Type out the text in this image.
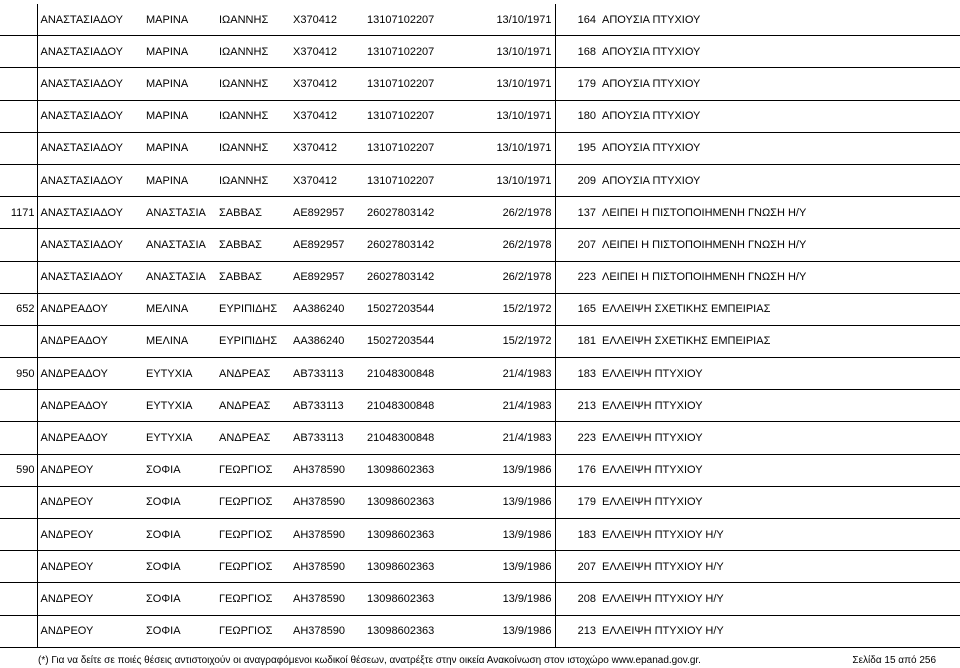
	ΑΝΑΣΤΑΣΙΑΔΟΥ	ΜΑΡΙΝΑ	ΙΩΑΝΝΗΣ	Χ370412	13107102207	13/10/1971	164	ΑΠΟΥΣΙΑ ΠΤΥΧΙΟΥ
	ΑΝΑΣΤΑΣΙΑΔΟΥ	ΜΑΡΙΝΑ	ΙΩΑΝΝΗΣ	Χ370412	13107102207	13/10/1971	168	ΑΠΟΥΣΙΑ ΠΤΥΧΙΟΥ
	ΑΝΑΣΤΑΣΙΑΔΟΥ	ΜΑΡΙΝΑ	ΙΩΑΝΝΗΣ	Χ370412	13107102207	13/10/1971	179	ΑΠΟΥΣΙΑ ΠΤΥΧΙΟΥ
	ΑΝΑΣΤΑΣΙΑΔΟΥ	ΜΑΡΙΝΑ	ΙΩΑΝΝΗΣ	Χ370412	13107102207	13/10/1971	180	ΑΠΟΥΣΙΑ ΠΤΥΧΙΟΥ
	ΑΝΑΣΤΑΣΙΑΔΟΥ	ΜΑΡΙΝΑ	ΙΩΑΝΝΗΣ	Χ370412	13107102207	13/10/1971	195	ΑΠΟΥΣΙΑ ΠΤΥΧΙΟΥ
	ΑΝΑΣΤΑΣΙΑΔΟΥ	ΜΑΡΙΝΑ	ΙΩΑΝΝΗΣ	Χ370412	13107102207	13/10/1971	209	ΑΠΟΥΣΙΑ ΠΤΥΧΙΟΥ
1171	ΑΝΑΣΤΑΣΙΑΔΟΥ	ΑΝΑΣΤΑΣΙΑ	ΣΑΒΒΑΣ	ΑΕ892957	26027803142	26/2/1978	137	ΛΕΙΠΕΙ Η ΠΙΣΤΟΠΟΙΗΜΕΝΗ ΓΝΩΣΗ Η/Υ
	ΑΝΑΣΤΑΣΙΑΔΟΥ	ΑΝΑΣΤΑΣΙΑ	ΣΑΒΒΑΣ	ΑΕ892957	26027803142	26/2/1978	207	ΛΕΙΠΕΙ Η ΠΙΣΤΟΠΟΙΗΜΕΝΗ ΓΝΩΣΗ Η/Υ
	ΑΝΑΣΤΑΣΙΑΔΟΥ	ΑΝΑΣΤΑΣΙΑ	ΣΑΒΒΑΣ	ΑΕ892957	26027803142	26/2/1978	223	ΛΕΙΠΕΙ Η ΠΙΣΤΟΠΟΙΗΜΕΝΗ ΓΝΩΣΗ Η/Υ
652	ΑΝΔΡΕΑΔΟΥ	ΜΕΛΙΝΑ	ΕΥΡΙΠΙΔΗΣ	ΑΑ386240	15027203544	15/2/1972	165	ΕΛΛΕΙΨΗ ΣΧΕΤΙΚΗΣ ΕΜΠΕΙΡΙΑΣ
	ΑΝΔΡΕΑΔΟΥ	ΜΕΛΙΝΑ	ΕΥΡΙΠΙΔΗΣ	ΑΑ386240	15027203544	15/2/1972	181	ΕΛΛΕΙΨΗ ΣΧΕΤΙΚΗΣ ΕΜΠΕΙΡΙΑΣ
950	ΑΝΔΡΕΑΔΟΥ	ΕΥΤΥΧΙΑ	ΑΝΔΡΕΑΣ	ΑΒ733113	21048300848	21/4/1983	183	ΕΛΛΕΙΨΗ ΠΤΥΧΙΟΥ
	ΑΝΔΡΕΑΔΟΥ	ΕΥΤΥΧΙΑ	ΑΝΔΡΕΑΣ	ΑΒ733113	21048300848	21/4/1983	213	ΕΛΛΕΙΨΗ ΠΤΥΧΙΟΥ
	ΑΝΔΡΕΑΔΟΥ	ΕΥΤΥΧΙΑ	ΑΝΔΡΕΑΣ	ΑΒ733113	21048300848	21/4/1983	223	ΕΛΛΕΙΨΗ ΠΤΥΧΙΟΥ
590	ΑΝΔΡΕΟΥ	ΣΟΦΙΑ	ΓΕΩΡΓΙΟΣ	ΑΗ378590	13098602363	13/9/1986	176	ΕΛΛΕΙΨΗ ΠΤΥΧΙΟΥ
	ΑΝΔΡΕΟΥ	ΣΟΦΙΑ	ΓΕΩΡΓΙΟΣ	ΑΗ378590	13098602363	13/9/1986	179	ΕΛΛΕΙΨΗ ΠΤΥΧΙΟΥ
	ΑΝΔΡΕΟΥ	ΣΟΦΙΑ	ΓΕΩΡΓΙΟΣ	ΑΗ378590	13098602363	13/9/1986	183	ΕΛΛΕΙΨΗ ΠΤΥΧΙΟΥ Η/Υ
	ΑΝΔΡΕΟΥ	ΣΟΦΙΑ	ΓΕΩΡΓΙΟΣ	ΑΗ378590	13098602363	13/9/1986	207	ΕΛΛΕΙΨΗ ΠΤΥΧΙΟΥ Η/Υ
	ΑΝΔΡΕΟΥ	ΣΟΦΙΑ	ΓΕΩΡΓΙΟΣ	ΑΗ378590	13098602363	13/9/1986	208	ΕΛΛΕΙΨΗ ΠΤΥΧΙΟΥ Η/Υ
	ΑΝΔΡΕΟΥ	ΣΟΦΙΑ	ΓΕΩΡΓΙΟΣ	ΑΗ378590	13098602363	13/9/1986	213	ΕΛΛΕΙΨΗ ΠΤΥΧΙΟΥ Η/Υ
(*) Για να δείτε σε ποιές θέσεις αντιστοιχούν οι αναγραφόμενοι κωδικοί θέσεων, ανατρέξτε στην οικεία Ανακοίνωση στον ιστοχώρο www.epanad.gov.gr.	Σελίδα 15 από 256
